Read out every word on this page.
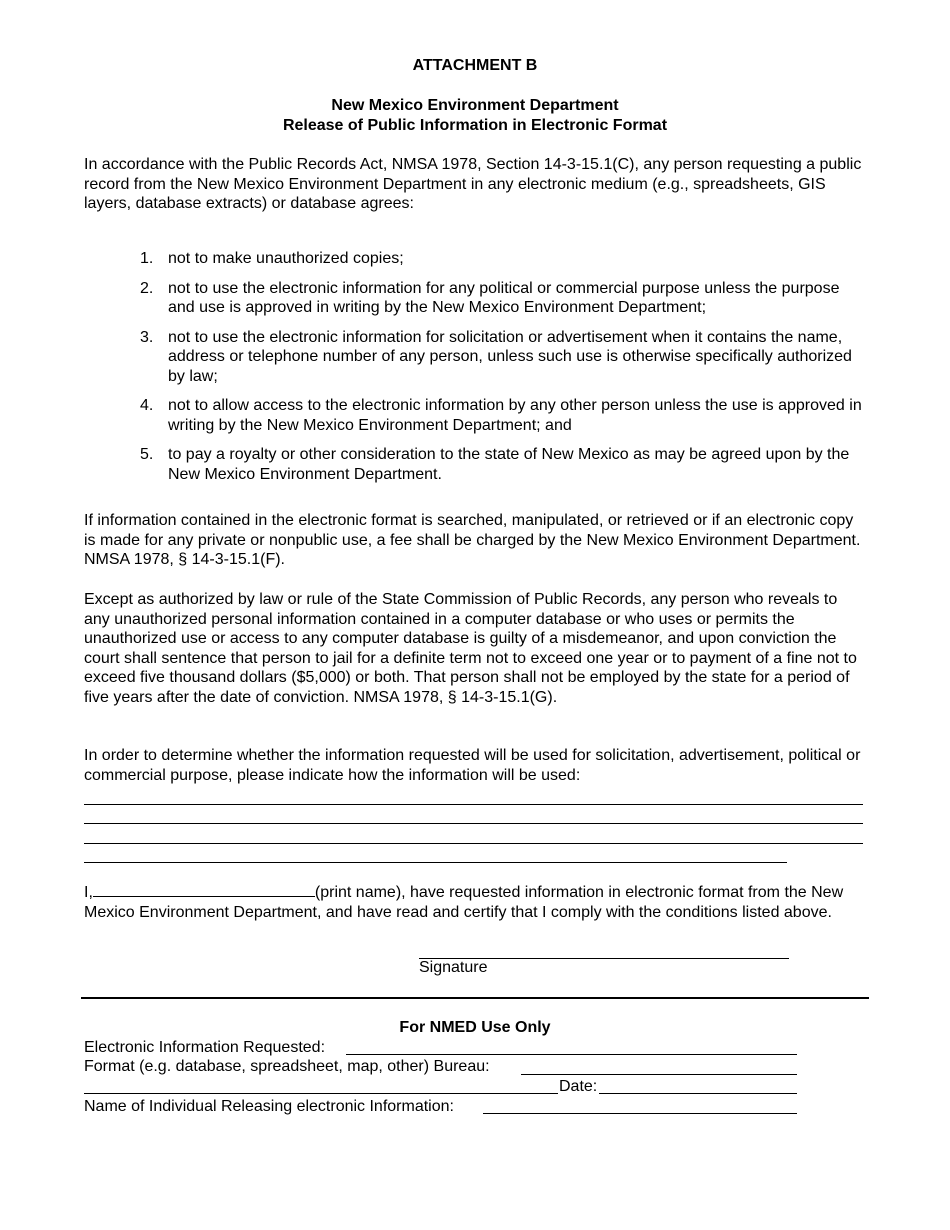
ATTACHMENT B
New Mexico Environment Department
Release of Public Information in Electronic Format
In accordance with the Public Records Act, NMSA 1978, Section 14-3-15.1(C), any person requesting a public record from the New Mexico Environment Department in any electronic medium (e.g., spreadsheets, GIS layers, database extracts) or database agrees:
1. not to make unauthorized copies;
2. not to use the electronic information for any political or commercial purpose unless the purpose and use is approved in writing by the New Mexico Environment Department;
3. not to use the electronic information for solicitation or advertisement when it contains the name, address or telephone number of any person, unless such use is otherwise specifically authorized by law;
4. not to allow access to the electronic information by any other person unless the use is approved in writing by the New Mexico Environment Department; and
5. to pay a royalty or other consideration to the state of New Mexico as may be agreed upon by the New Mexico Environment Department.
If information contained in the electronic format is searched, manipulated, or retrieved or if an electronic copy is made for any private or nonpublic use, a fee shall be charged by the New Mexico Environment Department. NMSA 1978, § 14-3-15.1(F).
Except as authorized by law or rule of the State Commission of Public Records, any person who reveals to any unauthorized personal information contained in a computer database or who uses or permits the unauthorized use or access to any computer database is guilty of a misdemeanor, and upon conviction the court shall sentence that person to jail for a definite term not to exceed one year or to payment of a fine not to exceed five thousand dollars ($5,000) or both. That person shall not be employed by the state for a period of five years after the date of conviction. NMSA 1978, § 14-3-15.1(G).
In order to determine whether the information requested will be used for solicitation, advertisement, political or commercial purpose, please indicate how the information will be used:
I,	(print name), have requested information in electronic format from the New Mexico Environment Department, and have read and certify that I comply with the conditions listed above.
Signature
For NMED Use Only
Electronic Information Requested:
Format (e.g. database, spreadsheet, map, other) Bureau:
Date:
Name of Individual Releasing electronic Information:
